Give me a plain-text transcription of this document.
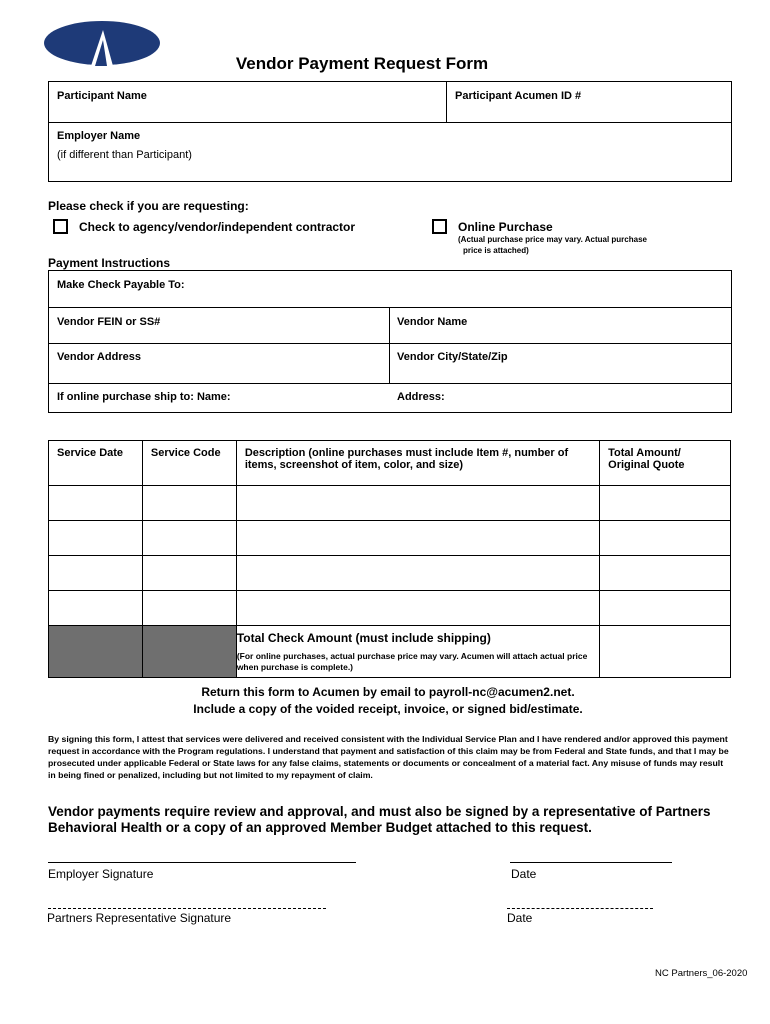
Vendor Payment Request Form
Participant Name	Participant Acumen ID #
Employer Name
(if different than Participant)
Please check if you are requesting:
Check to agency/vendor/independent contractor	Online Purchase
(Actual purchase price may vary. Actual purchase
price is attached)
Payment Instructions
Make Check Payable To:
Vendor FEIN or SS#	Vendor Name
Vendor Address	Vendor City/State/Zip
If online purchase ship to: Name:	Address:
Service Date	Service Code	Description (online purchases must include Item #, number of items, screenshot of item, color, and size)	Total Amount/ Original Quote

		Total Check Amount (must include shipping)
(For online purchases, actual purchase price may vary. Acumen will attach actual price when purchase is complete.)	

Return this form to Acumen by email to payroll-nc@acumen2.net.
Include a copy of the voided receipt, invoice, or signed bid/estimate.
By signing this form, I attest that services were delivered and received consistent with the Individual Service Plan and I have rendered and/or approved this payment request in accordance with the Program regulations. I understand that payment and satisfaction of this claim may be from Federal and State funds, and that I may be prosecuted under applicable Federal or State laws for any false claims, statements or documents or concealment of a material fact. Any misuse of funds may result in being fined or penalized, including but not limited to my repayment of claim.
Vendor payments require review and approval, and must also be signed by a representative of Partners Behavioral Health or a copy of an approved Member Budget attached to this request.
Employer Signature	Date
Partners Representative Signature	Date
NC Partners_06-2020
